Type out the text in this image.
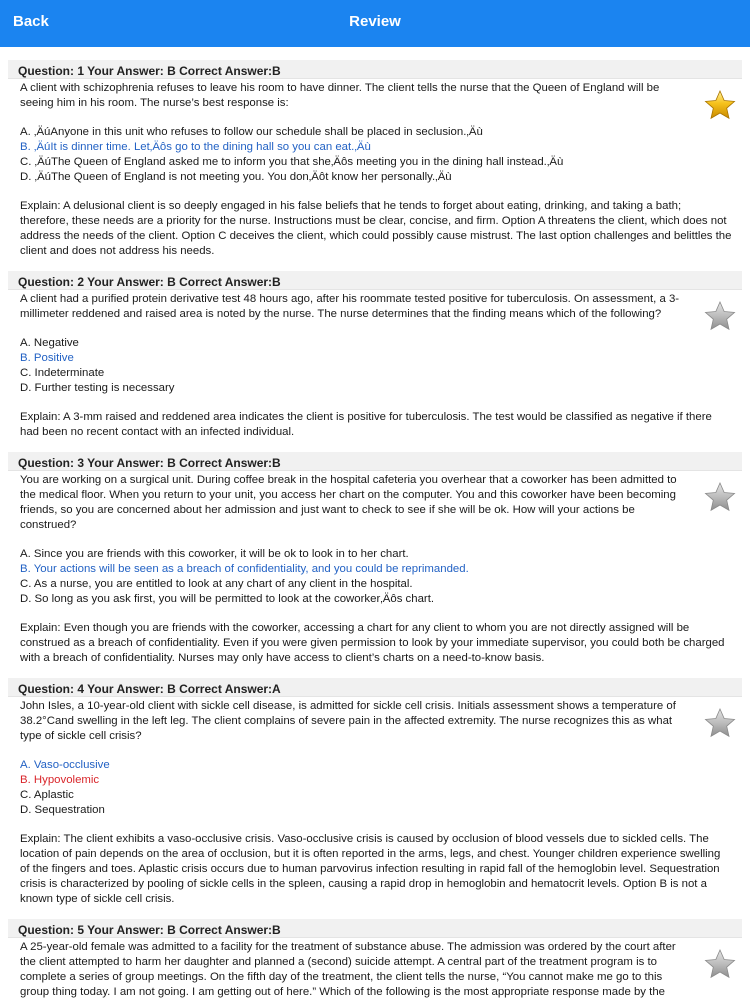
Back	Review
Question: 1 Your Answer: B Correct Answer:B
A client with schizophrenia refuses to leave his room to have dinner. The client tells the nurse that the Queen of England will be seeing him in his room. The nurse’s best response is:
A. ‚ÄúAnyone in this unit who refuses to follow our schedule shall be placed in seclusion.‚Äù
B. ‚ÄúIt is dinner time. Let‚Äôs go to the dining hall so you can eat.‚Äù
C. ‚ÄúThe Queen of England asked me to inform you that she‚Äôs meeting you in the dining hall instead.‚Äù
D. ‚ÄúThe Queen of England is not meeting you. You don‚Äôt know her personally.‚Äù
Explain: A delusional client is so deeply engaged in his false beliefs that he tends to forget about eating, drinking, and taking a bath; therefore, these needs are a priority for the nurse. Instructions must be clear, concise, and firm. Option A threatens the client, which does not address the needs of the client. Option C deceives the client, which could possibly cause mistrust. The last option challenges and belittles the client and does not address his needs.
Question: 2 Your Answer: B Correct Answer:B
A client had a purified protein derivative test 48 hours ago, after his roommate tested positive for tuberculosis. On assessment, a 3-millimeter reddened and raised area is noted by the nurse. The nurse determines that the finding means which of the following?
A. Negative
B. Positive
C. Indeterminate
D. Further testing is necessary
Explain: A 3-mm raised and reddened area indicates the client is positive for tuberculosis. The test would be classified as negative if there had been no recent contact with an infected individual.
Question: 3 Your Answer: B Correct Answer:B
You are working on a surgical unit. During coffee break in the hospital cafeteria you overhear that a coworker has been admitted to the medical floor. When you return to your unit, you access her chart on the computer. You and this coworker have been becoming friends, so you are concerned about her admission and just want to check to see if she will be ok. How will your actions be construed?
A. Since you are friends with this coworker, it will be ok to look in to her chart.
B. Your actions will be seen as a breach of confidentiality, and you could be reprimanded.
C. As a nurse, you are entitled to look at any chart of any client in the hospital.
D. So long as you ask first, you will be permitted to look at the coworker‚Äôs chart.
Explain: Even though you are friends with the coworker, accessing a chart for any client to whom you are not directly assigned will be construed as a breach of confidentiality. Even if you were given permission to look by your immediate supervisor, you could both be charged with a breach of confidentiality. Nurses may only have access to client’s charts on a need-to-know basis.
Question: 4 Your Answer: B Correct Answer:A
John Isles, a 10-year-old client with sickle cell disease, is admitted for sickle cell crisis. Initials assessment shows a temperature of 38.2°Cand swelling in the left leg. The client complains of severe pain in the affected extremity. The nurse recognizes this as what type of sickle cell crisis?
A. Vaso-occlusive
B. Hypovolemic
C. Aplastic
D. Sequestration
Explain: The client exhibits a vaso-occlusive crisis. Vaso-occlusive crisis is caused by occlusion of blood vessels due to sickled cells. The location of pain depends on the area of occlusion, but it is often reported in the arms, legs, and chest. Younger children experience swelling of the fingers and toes. Aplastic crisis occurs due to human parvovirus infection resulting in rapid fall of the hemoglobin level. Sequestration crisis is characterized by pooling of sickle cells in the spleen, causing a rapid drop in hemoglobin and hematocrit levels. Option B is not a known type of sickle cell crisis.
Question: 5 Your Answer: B Correct Answer:B
A 25-year-old female was admitted to a facility for the treatment of substance abuse. The admission was ordered by the court after the client attempted to harm her daughter and planned a (second) suicide attempt. A central part of the treatment program is to complete a series of group meetings. On the fifth day of the treatment, the client tells the nurse, “You cannot make me go to this group thing today. I am not going. I am getting out of here.” Which of the following is the most appropriate response made by the
